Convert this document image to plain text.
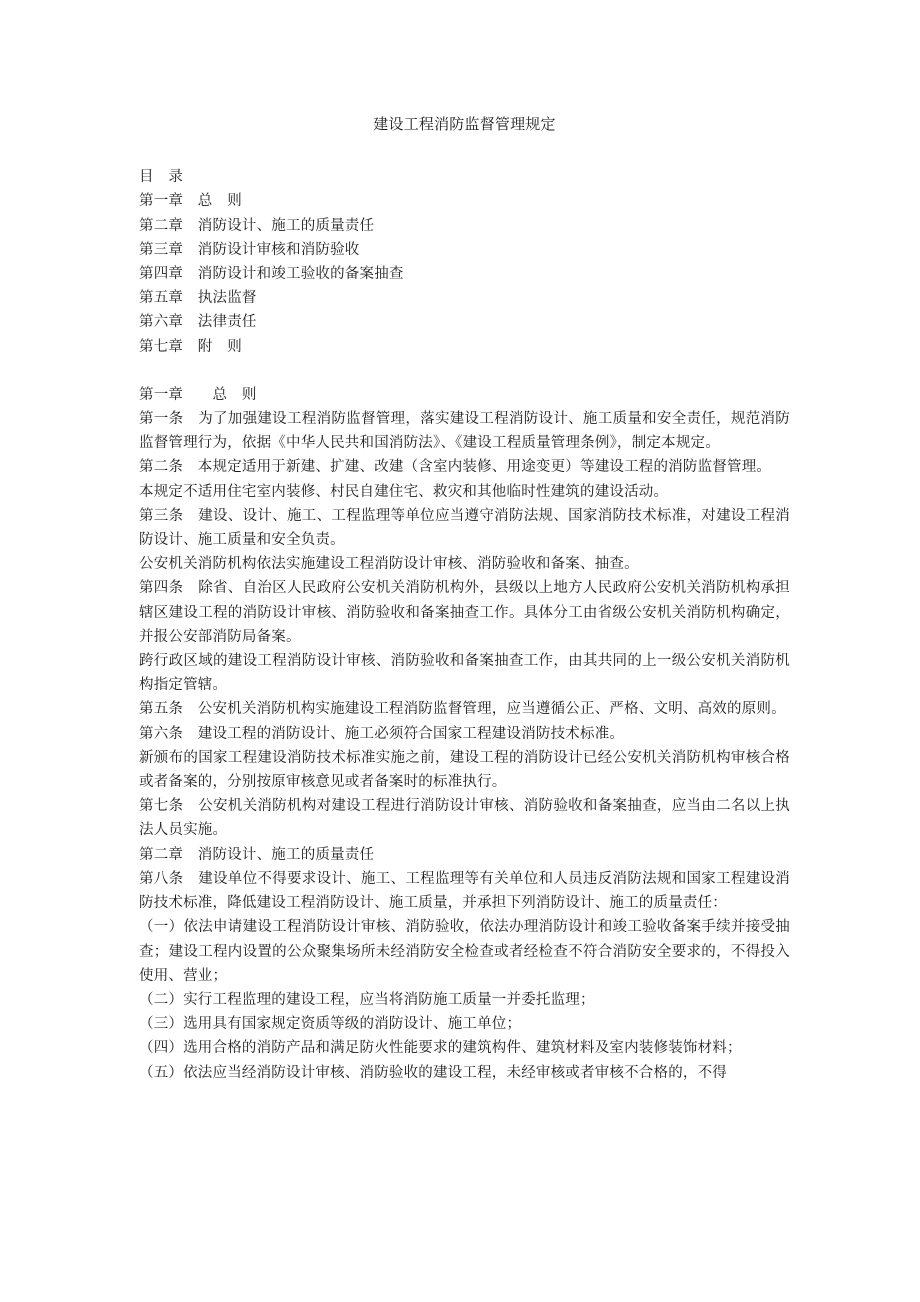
建设工程消防监督管理规定

目　录

第一章　总　则

第二章　消防设计、施工的质量责任

第三章　消防设计审核和消防验收

第四章　消防设计和竣工验收的备案抽查

第五章　执法监督

第六章　法律责任

第七章　附　则

第一章　　总　则

第一条　为了加强建设工程消防监督管理，落实建设工程消防设计、施工质量和安全责任，规范消防监督管理行为，依据《中华人民共和国消防法》、《建设工程质量管理条例》，制定本规定。

第二条　本规定适用于新建、扩建、改建（含室内装修、用途变更）等建设工程的消防监督管理。

本规定不适用住宅室内装修、村民自建住宅、救灾和其他临时性建筑的建设活动。

第三条　建设、设计、施工、工程监理等单位应当遵守消防法规、国家消防技术标准，对建设工程消防设计、施工质量和安全负责。

公安机关消防机构依法实施建设工程消防设计审核、消防验收和备案、抽查。

第四条　除省、自治区人民政府公安机关消防机构外，县级以上地方人民政府公安机关消防机构承担辖区建设工程的消防设计审核、消防验收和备案抽查工作。具体分工由省级公安机关消防机构确定，并报公安部消防局备案。

跨行政区域的建设工程消防设计审核、消防验收和备案抽查工作，由其共同的上一级公安机关消防机构指定管辖。

第五条　公安机关消防机构实施建设工程消防监督管理，应当遵循公正、严格、文明、高效的原则。

第六条　建设工程的消防设计、施工必须符合国家工程建设消防技术标准。

新颁布的国家工程建设消防技术标准实施之前，建设工程的消防设计已经公安机关消防机构审核合格或者备案的，分别按原审核意见或者备案时的标准执行。

第七条　公安机关消防机构对建设工程进行消防设计审核、消防验收和备案抽查，应当由二名以上执法人员实施。

第二章　消防设计、施工的质量责任

第八条　建设单位不得要求设计、施工、工程监理等有关单位和人员违反消防法规和国家工程建设消防技术标准，降低建设工程消防设计、施工质量，并承担下列消防设计、施工的质量责任：

（一）依法申请建设工程消防设计审核、消防验收，依法办理消防设计和竣工验收备案手续并接受抽查；建设工程内设置的公众聚集场所未经消防安全检查或者经检查不符合消防安全要求的，不得投入使用、营业；

（二）实行工程监理的建设工程，应当将消防施工质量一并委托监理；

（三）选用具有国家规定资质等级的消防设计、施工单位；

（四）选用合格的消防产品和满足防火性能要求的建筑构件、建筑材料及室内装修装饰材料；

（五）依法应当经消防设计审核、消防验收的建设工程，未经审核或者审核不合格的，不得
